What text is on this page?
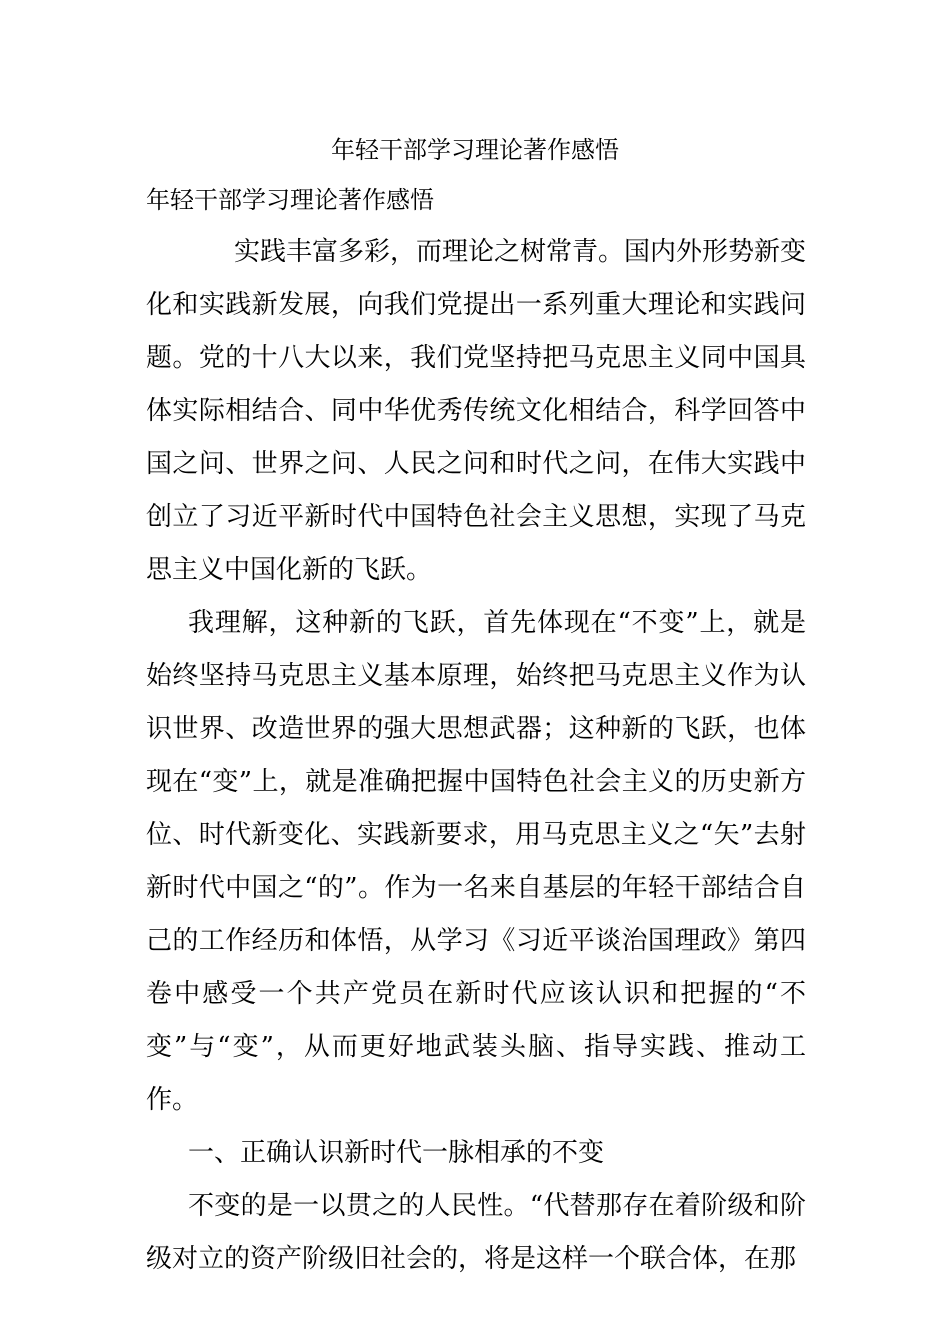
年轻干部学习理论著作感悟
年轻干部学习理论著作感悟

实践丰富多彩，而理论之树常青。国内外形势新变化和实践新发展，向我们党提出一系列重大理论和实践问题。党的十八大以来，我们党坚持把马克思主义同中国具体实际相结合、同中华优秀传统文化相结合，科学回答中国之问、世界之问、人民之问和时代之问，在伟大实践中创立了习近平新时代中国特色社会主义思想，实现了马克思主义中国化新的飞跃。

我理解，这种新的飞跃，首先体现在“不变”上，就是始终坚持马克思主义基本原理，始终把马克思主义作为认识世界、改造世界的强大思想武器；这种新的飞跃，也体现在“变”上，就是准确把握中国特色社会主义的历史新方位、时代新变化、实践新要求，用马克思主义之“矢”去射新时代中国之“的”。作为一名来自基层的年轻干部结合自己的工作经历和体悟，从学习《习近平谈治国理政》第四卷中感受一个共产党员在新时代应该认识和把握的“不变”与“变”，从而更好地武装头脑、指导实践、推动工作。

一、正确认识新时代一脉相承的不变

不变的是一以贯之的人民性。“代替那存在着阶级和阶级对立的资产阶级旧社会的，将是这样一个联合体，在那
